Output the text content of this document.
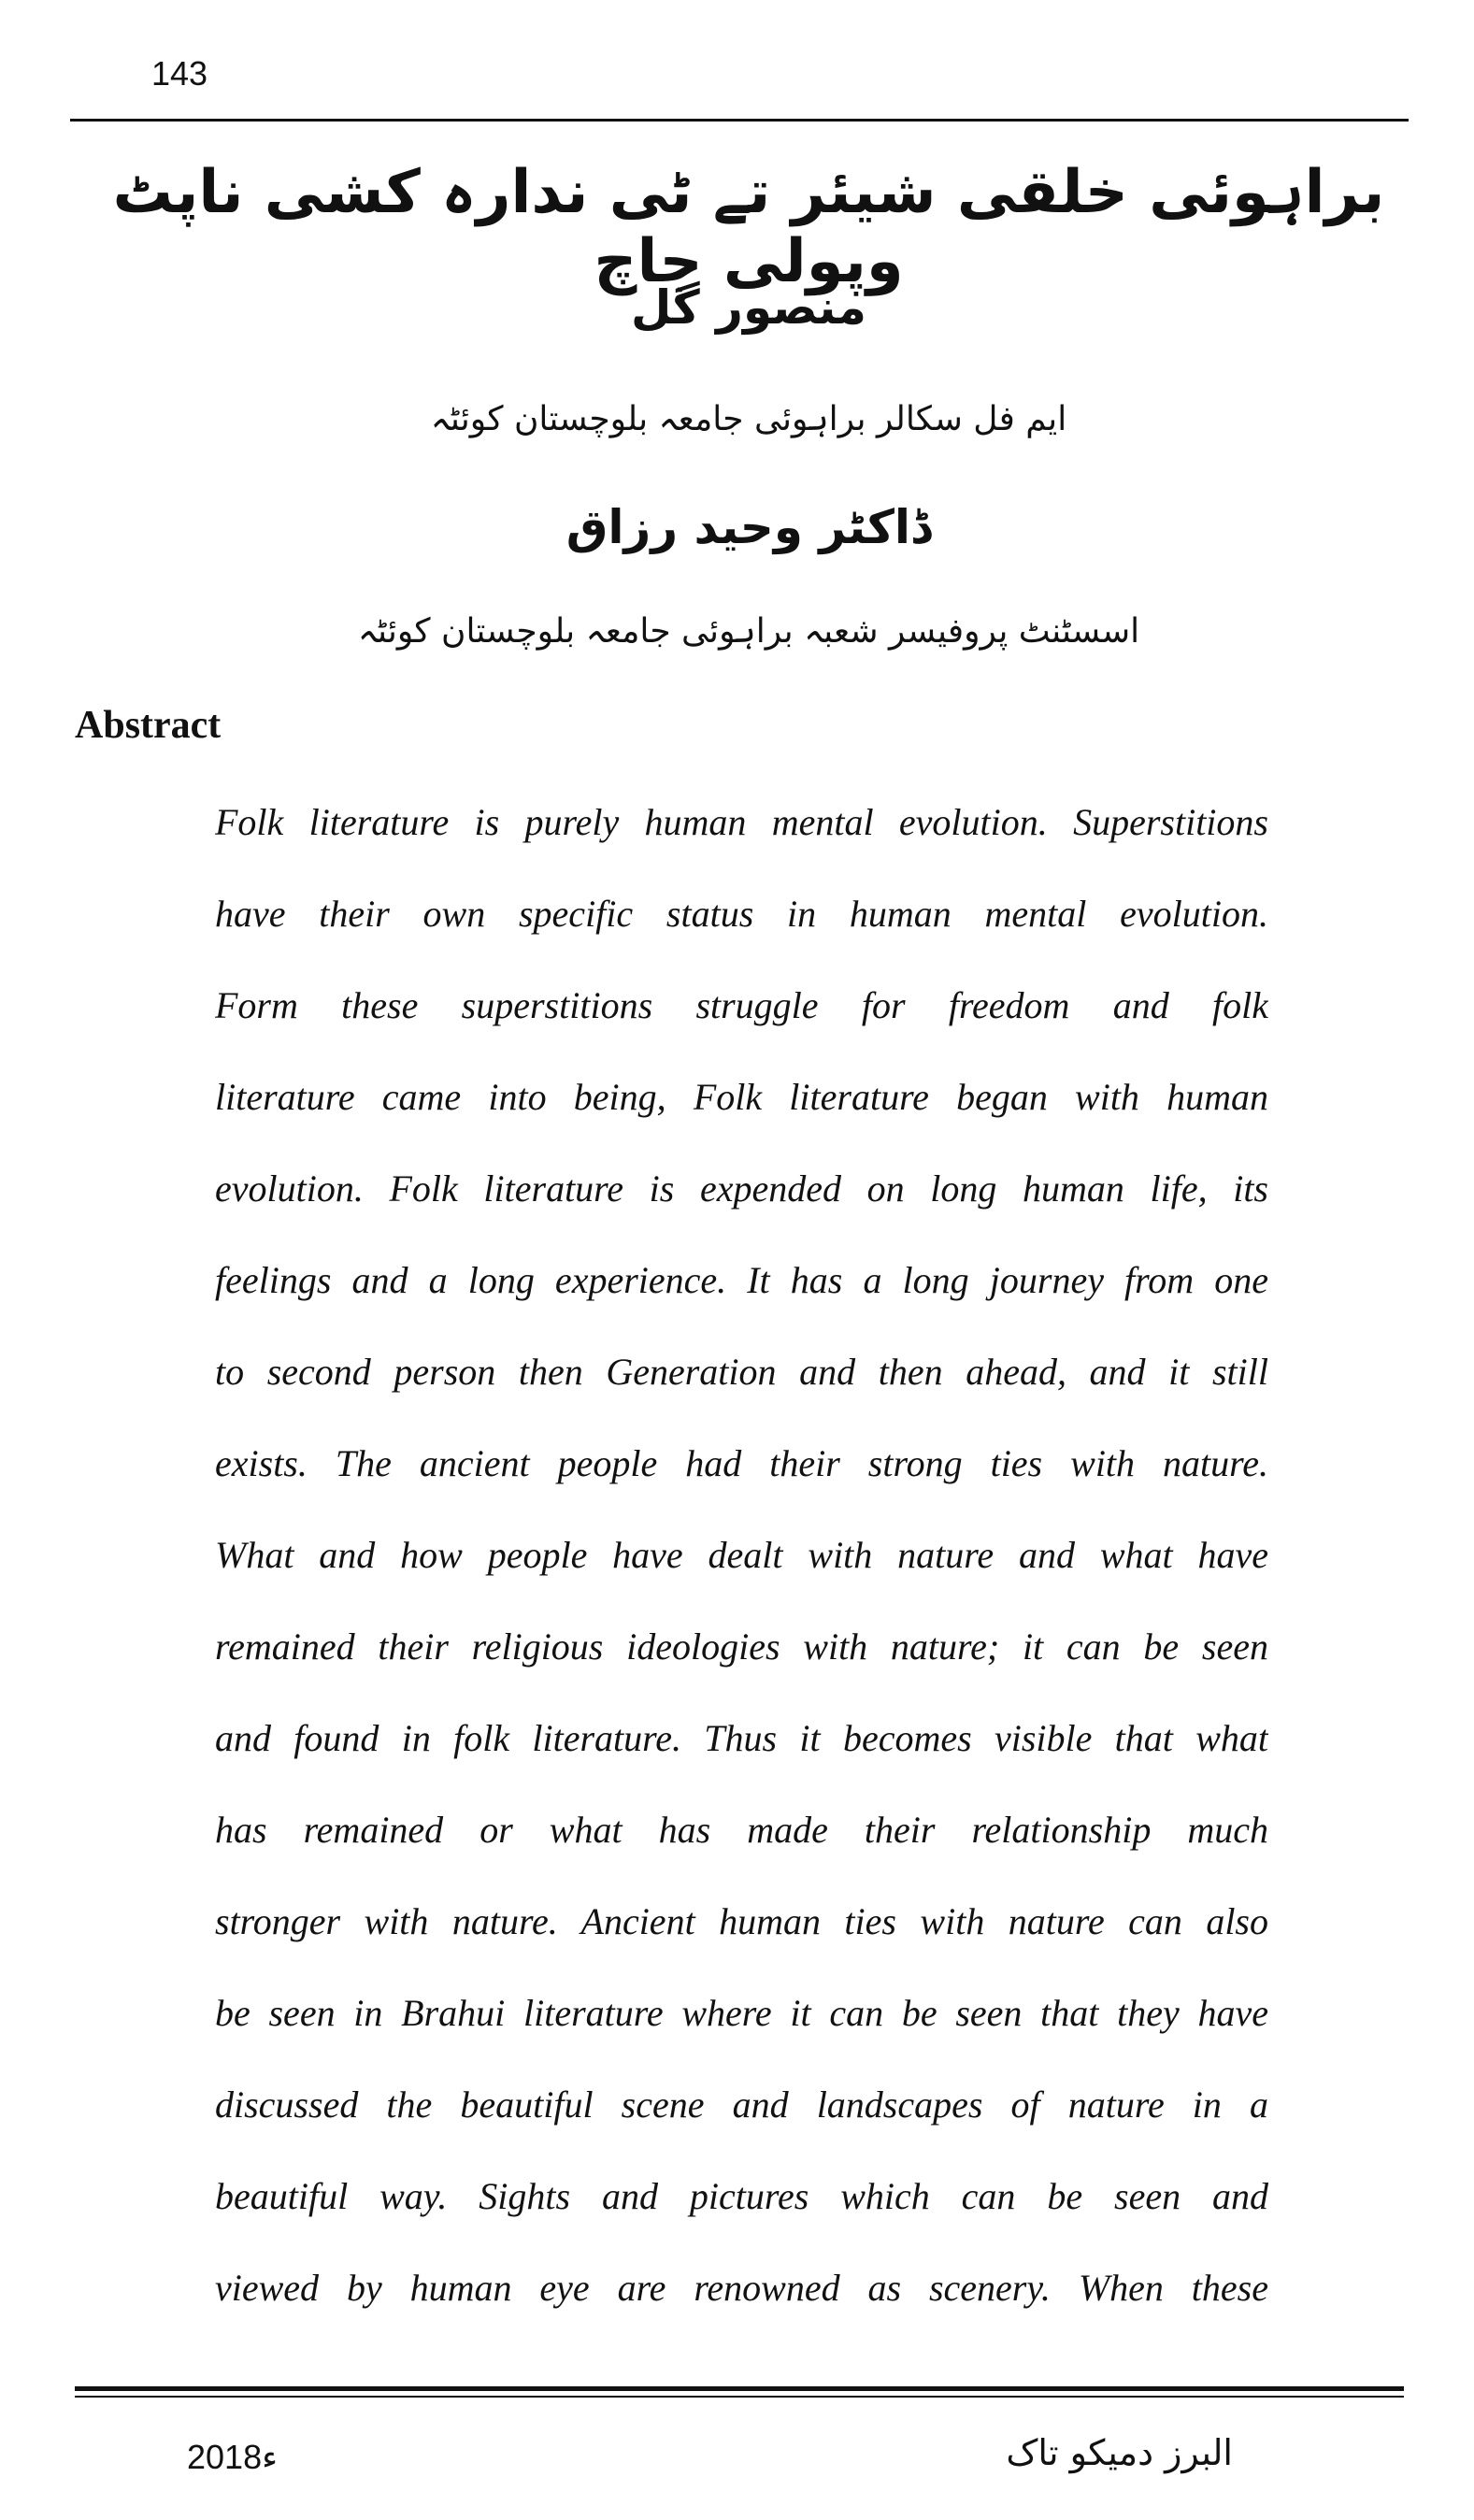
143
براہوئی خلقی شیئر تے ٹی ندارہ کشی ناپٹ وپولی جاچ
منصور گل
ایم فل سکالر براہوئی جامعہ بلوچستان کوئٹہ
ڈاکٹر وحید رزاق
اسسٹنٹ پروفیسر شعبہ براہوئی جامعہ بلوچستان کوئٹہ
Abstract
Folk literature is purely human mental evolution. Superstitions
have their own specific status in human mental evolution.
Form these superstitions struggle for freedom and folk
literature came into being, Folk literature began with human
evolution. Folk literature is expended on long human life, its
feelings and a long experience. It has a long journey from one
to second person then Generation and then ahead, and it still
exists. The ancient people had their strong ties with nature.
What and how people have dealt with nature and what have
remained their religious ideologies with nature; it can be seen
and found in folk literature. Thus it becomes visible that what
has remained or what has made their relationship much
stronger with nature. Ancient human ties with nature can also
be seen in Brahui literature where it can be seen that they have
discussed the beautiful scene and landscapes of nature in a
beautiful way. Sights and pictures which can be seen and
viewed by human eye are renowned as scenery. When these
2018ء	البرز دمیکو تاک
